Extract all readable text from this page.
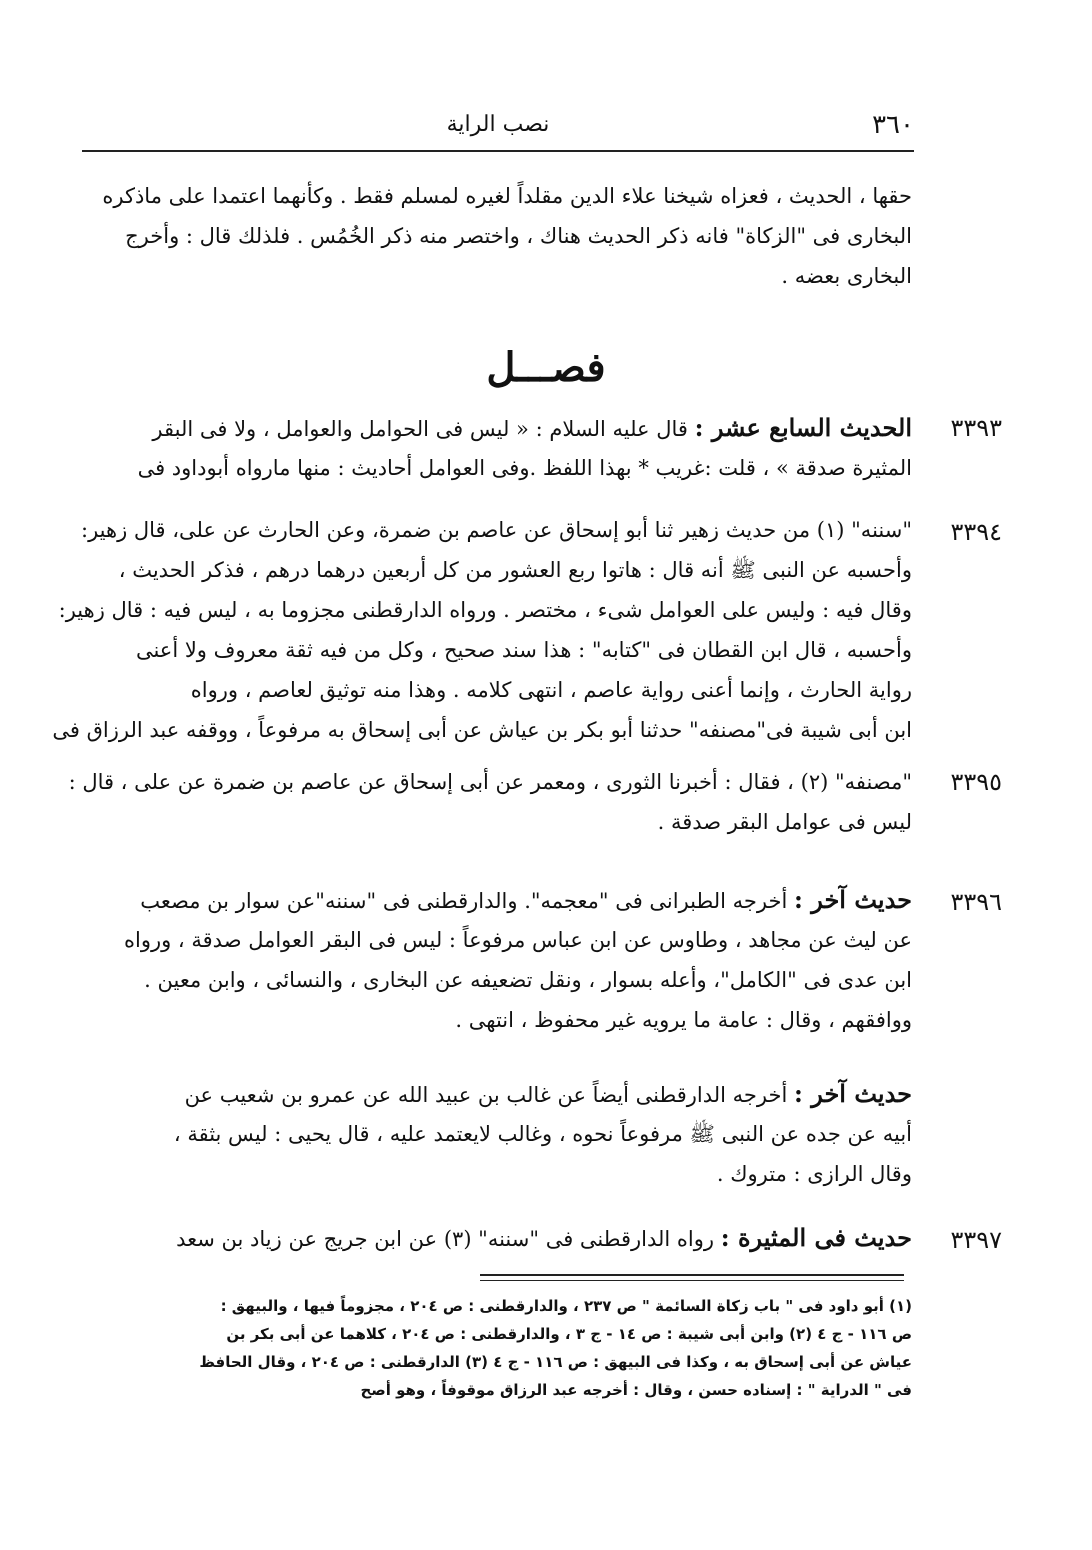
٣٦٠
نصب الراية
حقها ، الحديث ، فعزاه شيخنا علاء الدين مقلداً لغيره لمسلم فقط . وكأنهما اعتمدا على ماذكره
البخارى فى "الزكاة" فانه ذكر الحديث هناك ، واختصر منه ذكر الخُمُس . فلذلك قال : وأخرج
البخارى بعضه .
فصـــل
٣٣٩٣
الحديث السابع عشر : قال عليه السلام : « ليس فى الحوامل والعوامل ، ولا فى البقر
المثيرة صدقة » ، قلت :غريب * بهذا اللفظ .وفى العوامل أحاديث : منها مارواه أبوداود فى
٣٣٩٤
"سننه" (١) من حديث زهير ثنا أبو إسحاق عن عاصم بن ضمرة، وعن الحارث عن على، قال زهير:
وأحسبه عن النبى ﷺ أنه قال : هاتوا ربع العشور من كل أربعين درهما درهم ، فذكر الحديث ،
وقال فيه : وليس على العوامل شىء ، مختصر . ورواه الدارقطنى مجزوما به ، ليس فيه : قال زهير:
وأحسبه ، قال ابن القطان فى "كتابه" : هذا سند صحيح ، وكل من فيه ثقة معروف ولا أعنى
رواية الحارث ، وإنما أعنى رواية عاصم ، انتهى كلامه . وهذا منه توثيق لعاصم ، ورواه
ابن أبى شيبة فى"مصنفه" حدثنا أبو بكر بن عياش عن أبى إسحاق به مرفوعاً ، ووقفه عبد الرزاق فى
٣٣٩٥
"مصنفه" (٢) ، فقال : أخبرنا الثورى ، ومعمر عن أبى إسحاق عن عاصم بن ضمرة عن على ، قال :
ليس فى عوامل البقر صدقة .
٣٣٩٦
حديث آخر : أخرجه الطبرانى فى "معجمه". والدارقطنى فى "سننه"عن سوار بن مصعب
عن ليث عن مجاهد ، وطاوس عن ابن عباس مرفوعاً : ليس فى البقر العوامل صدقة ، ورواه
ابن عدى فى "الكامل"، وأعله بسوار ، ونقل تضعيفه عن البخارى ، والنسائى ، وابن معين .
ووافقهم ، وقال : عامة ما يرويه غير محفوظ ، انتهى .
حديث آخر : أخرجه الدارقطنى أيضاً عن غالب بن عبيد الله عن عمرو بن شعيب عن
أبيه عن جده عن النبى ﷺ مرفوعاً نحوه ، وغالب لايعتمد عليه ، قال يحيى : ليس بثقة ،
وقال الرازى : متروك .
٣٣٩٧
حديث فى المثيرة : رواه الدارقطنى فى "سننه" (٣) عن ابن جريج عن زياد بن سعد
(١) أبو داود فى " باب زكاة السائمة " ص ٢٣٧ ، والدارقطنى : ص ٢٠٤ ، مجزوماً فيها ، والبيهق :
ص ١١٦ - ج ٤ (٢) وابن أبى شيبة : ص ١٤ - ج ٣ ، والدارقطنى : ص ٢٠٤ ، كلاهما عن أبى بكر بن
عياش عن أبى إسحاق به ، وكذا فى البيهق : ص ١١٦ - ج ٤ (٣) الدارقطنى : ص ٢٠٤ ، وقال الحافظ
فى " الدراية " : إسناده حسن ، وقال : أخرجه عبد الرزاق موقوفاً ، وهو أصح
